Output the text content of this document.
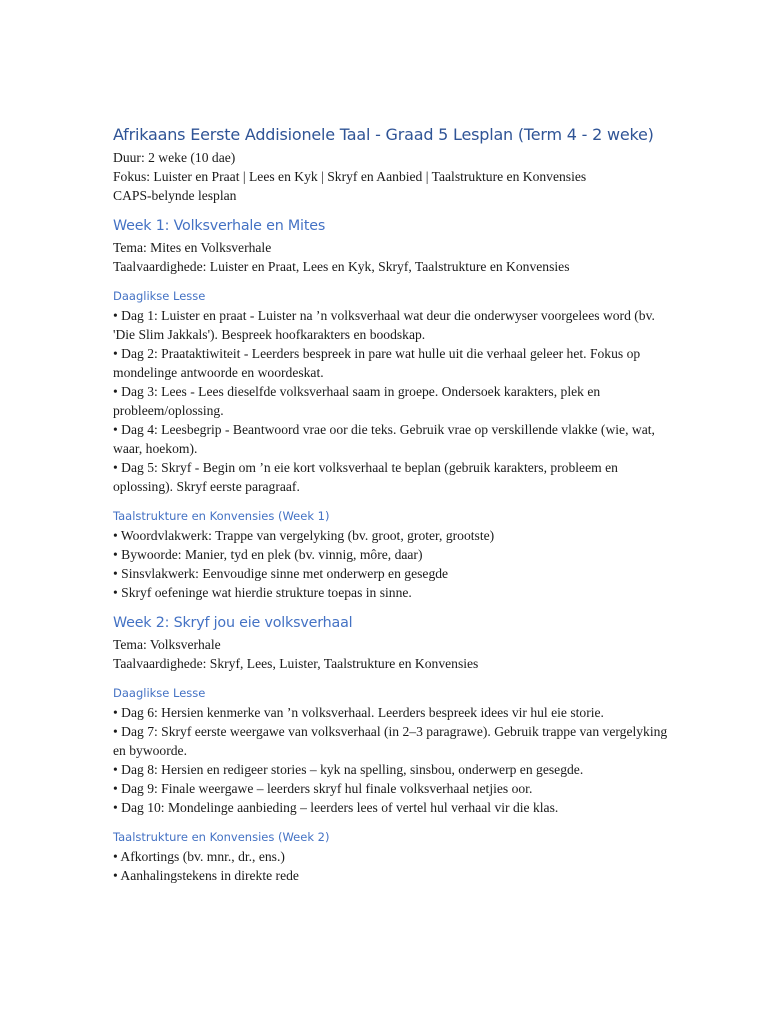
Afrikaans Eerste Addisionele Taal - Graad 5 Lesplan (Term 4 - 2 weke)

Duur: 2 weke (10 dae)

Fokus: Luister en Praat | Lees en Kyk | Skryf en Aanbied | Taalstrukture en Konvensies

CAPS-belynde lesplan

Week 1: Volksverhale en Mites

Tema: Mites en Volksverhale

Taalvaardighede: Luister en Praat, Lees en Kyk, Skryf, Taalstrukture en Konvensies

Daaglikse Lesse

• Dag 1: Luister en praat - Luister na ’n volksverhaal wat deur die onderwyser voorgelees word (bv. 'Die Slim Jakkals'). Bespreek hoofkarakters en boodskap.

• Dag 2: Praataktiwiteit - Leerders bespreek in pare wat hulle uit die verhaal geleer het. Fokus op mondelinge antwoorde en woordeskat.

• Dag 3: Lees - Lees dieselfde volksverhaal saam in groepe. Ondersoek karakters, plek en probleem/oplossing.

• Dag 4: Leesbegrip - Beantwoord vrae oor die teks. Gebruik vrae op verskillende vlakke (wie, wat, waar, hoekom).

• Dag 5: Skryf - Begin om ’n eie kort volksverhaal te beplan (gebruik karakters, probleem en oplossing). Skryf eerste paragraaf.

Taalstrukture en Konvensies (Week 1)

• Woordvlakwerk: Trappe van vergelyking (bv. groot, groter, grootste)

• Bywoorde: Manier, tyd en plek (bv. vinnig, môre, daar)

• Sinsvlakwerk: Eenvoudige sinne met onderwerp en gesegde

• Skryf oefeninge wat hierdie strukture toepas in sinne.

Week 2: Skryf jou eie volksverhaal

Tema: Volksverhale

Taalvaardighede: Skryf, Lees, Luister, Taalstrukture en Konvensies

Daaglikse Lesse

• Dag 6: Hersien kenmerke van ’n volksverhaal. Leerders bespreek idees vir hul eie storie.

• Dag 7: Skryf eerste weergawe van volksverhaal (in 2–3 paragrawe). Gebruik trappe van vergelyking en bywoorde.

• Dag 8: Hersien en redigeer stories – kyk na spelling, sinsbou, onderwerp en gesegde.

• Dag 9: Finale weergawe – leerders skryf hul finale volksverhaal netjies oor.

• Dag 10: Mondelinge aanbieding – leerders lees of vertel hul verhaal vir die klas.

Taalstrukture en Konvensies (Week 2)

• Afkortings (bv. mnr., dr., ens.)

• Aanhalingstekens in direkte rede
